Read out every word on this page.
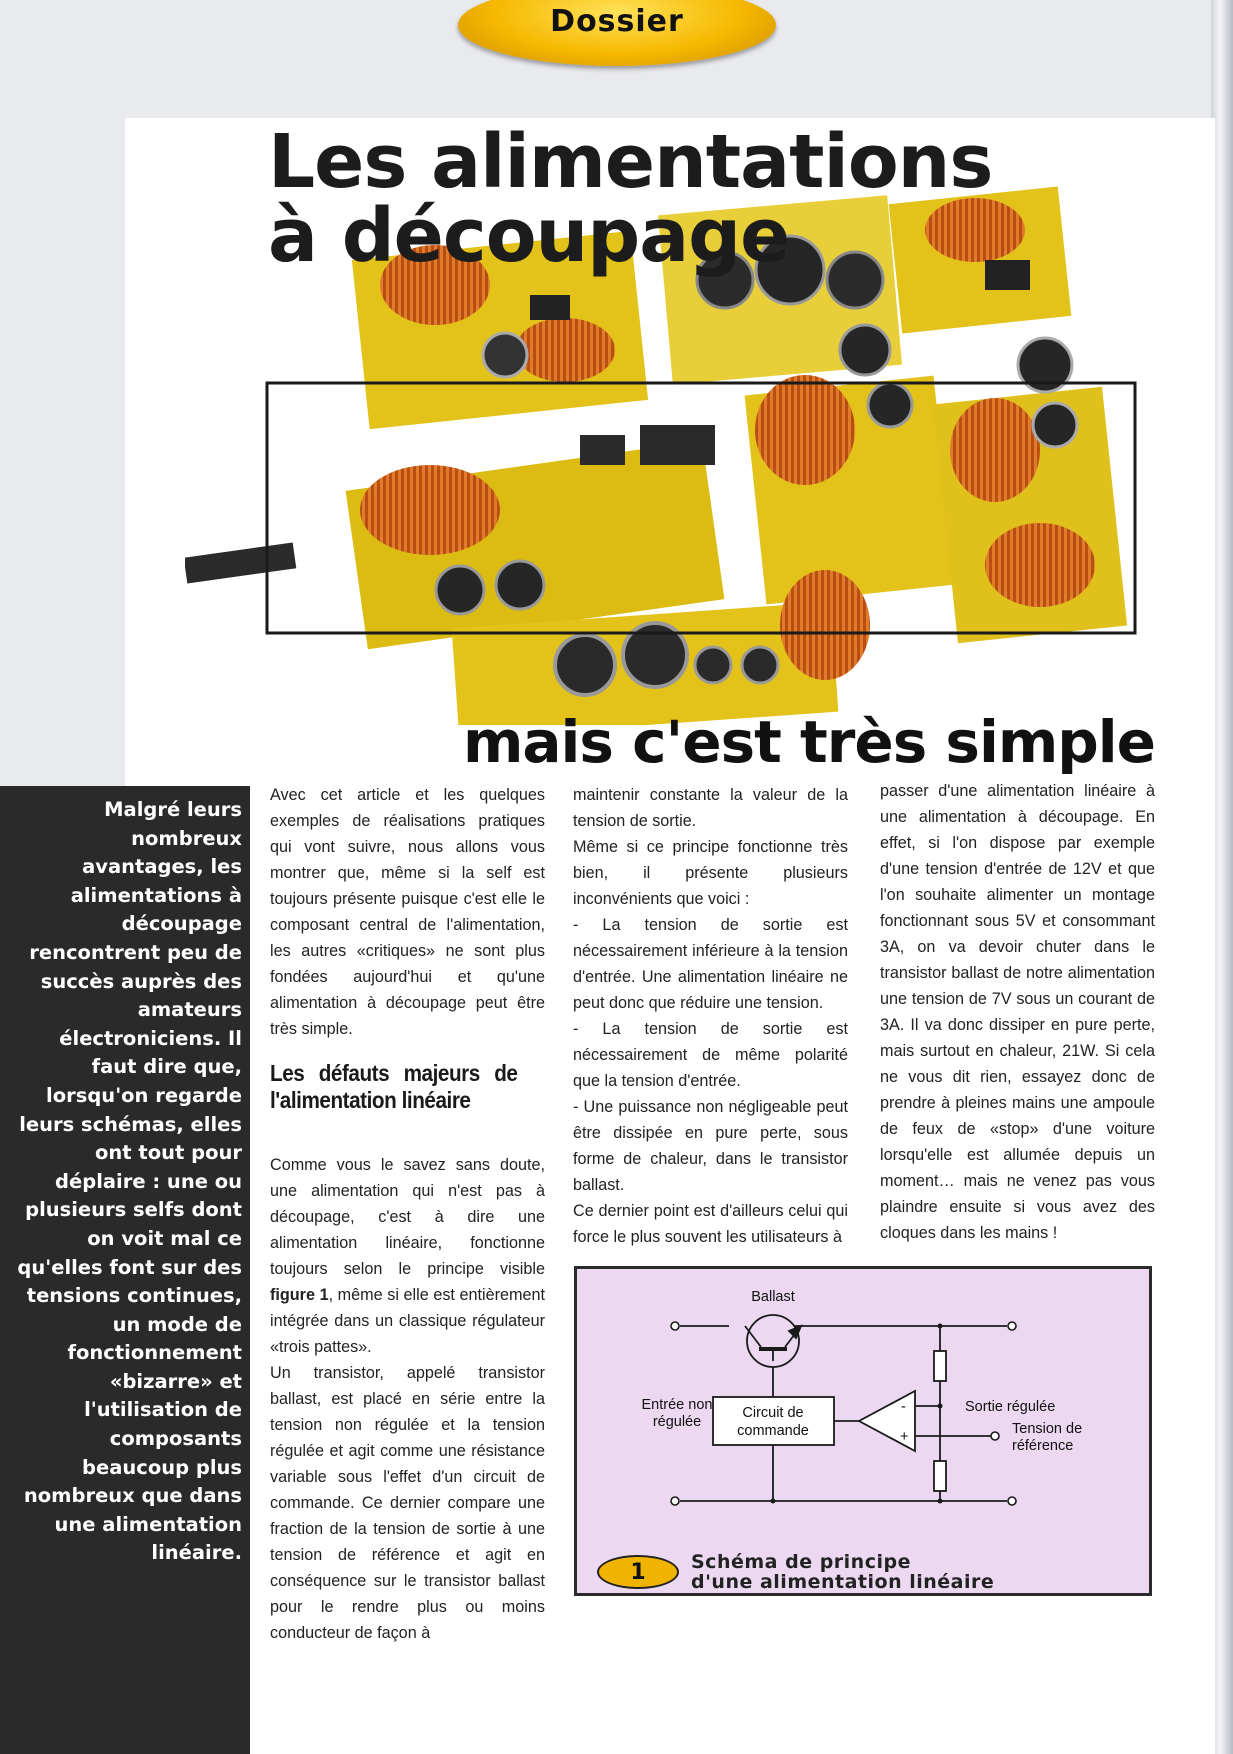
Dossier
Les alimentations
à découpage
mais c'est très simple

Malgré leurs nombreux avantages, les alimentations à découpage rencontrent peu de succès auprès des amateurs électroniciens. Il faut dire que, lorsqu'on regarde leurs schémas, elles ont tout pour déplaire : une ou plusieurs selfs dont on voit mal ce qu'elles font sur des tensions continues, un mode de fonctionnement «bizarre» et l'utilisation de composants beaucoup plus nombreux que dans une alimentation linéaire.

Avec cet article et les quelques exemples de réalisations pratiques qui vont suivre, nous allons vous montrer que, même si la self est toujours présente puisque c'est elle le composant central de l'alimentation, les autres «critiques» ne sont plus fondées aujourd'hui et qu'une alimentation à découpage peut être très simple.

Les défauts majeurs de l'alimentation linéaire

Comme vous le savez sans doute, une alimentation qui n'est pas à découpage, c'est à dire une alimentation linéaire, fonctionne toujours selon le principe visible figure 1, même si elle est entièrement intégrée dans un classique régulateur «trois pattes».

Un transistor, appelé transistor ballast, est placé en série entre la tension non régulée et la tension régulée et agit comme une résistance variable sous l'effet d'un circuit de commande. Ce dernier compare une fraction de la tension de sortie à une tension de référence et agit en conséquence sur le transistor ballast pour le rendre plus ou moins conducteur de façon à

maintenir constante la valeur de la tension de sortie.

Même si ce principe fonctionne très bien, il présente plusieurs inconvénients que voici :

- La tension de sortie est nécessairement inférieure à la tension d'entrée. Une alimentation linéaire ne peut donc que réduire une tension.

- La tension de sortie est nécessairement de même polarité que la tension d'entrée.

- Une puissance non négligeable peut être dissipée en pure perte, sous forme de chaleur, dans le transistor ballast.

Ce dernier point est d'ailleurs celui qui force le plus souvent les utilisateurs à

passer d'une alimentation linéaire à une alimentation à découpage. En effet, si l'on dispose par exemple d'une tension d'entrée de 12V et que l'on souhaite alimenter un montage fonctionnant sous 5V et consommant 3A, on va devoir chuter dans le transistor ballast de notre alimentation une tension de 7V sous un courant de 3A. Il va donc dissiper en pure perte, mais surtout en chaleur, 21W. Si cela ne vous dit rien, essayez donc de prendre à pleines mains une ampoule de feux de «stop» d'une voiture lorsqu'elle est allumée depuis un moment… mais ne venez pas vous plaindre ensuite si vous avez des cloques dans les mains !

Ballast
Entrée non
régulée
Circuit de
commande
Sortie régulée
Tension de
référence
-
+
1	Schéma de principe
d'une alimentation linéaire
